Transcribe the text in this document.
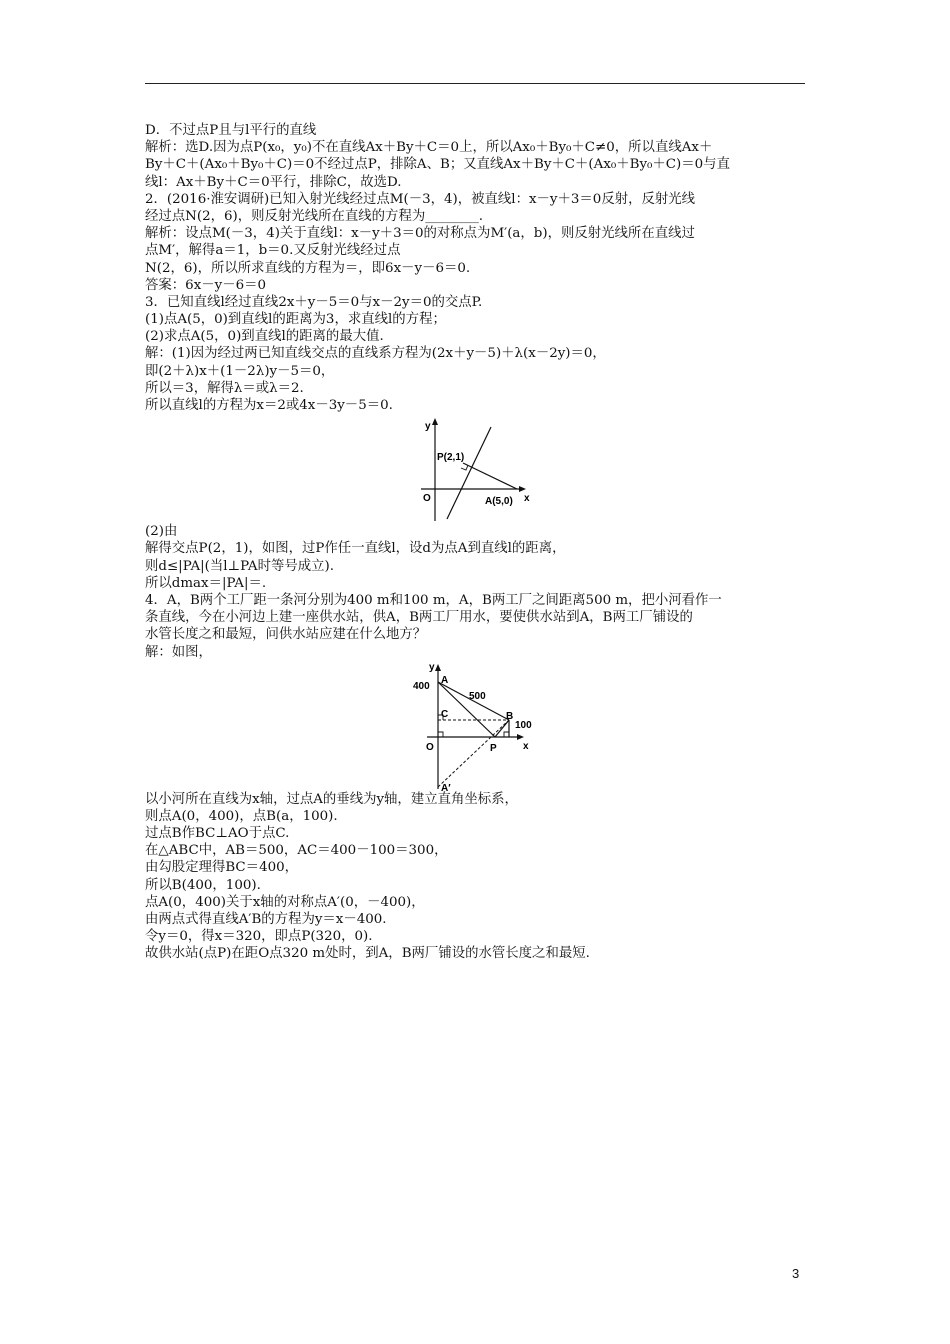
D．不过点P且与l平行的直线
解析：选D.因为点P(x₀，y₀)不在直线Ax＋By＋C＝0上，所以Ax₀＋By₀＋C≠0，所以直线Ax＋
By＋C＋(Ax₀＋By₀＋C)＝0不经过点P，排除A、B；又直线Ax＋By＋C＋(Ax₀＋By₀＋C)＝0与直
线l：Ax＋By＋C＝0平行，排除C，故选D.
2．(2016·淮安调研)已知入射光线经过点M(－3，4)，被直线l：x－y＋3＝0反射，反射光线
经过点N(2，6)，则反射光线所在直线的方程为________.
解析：设点M(－3，4)关于直线l：x－y＋3＝0的对称点为M′(a，b)，则反射光线所在直线过
点M′，解得a＝1，b＝0.又反射光线经过点
N(2，6)，所以所求直线的方程为＝，即6x－y－6＝0.
答案：6x－y－6＝0
3．已知直线l经过直线2x＋y－5＝0与x－2y＝0的交点P.
(1)点A(5，0)到直线l的距离为3，求直线l的方程；
(2)求点A(5，0)到直线l的距离的最大值.
解：(1)因为经过两已知直线交点的直线系方程为(2x＋y－5)＋λ(x－2y)＝0，
即(2＋λ)x＋(1－2λ)y－5＝0，
所以＝3，解得λ＝或λ＝2.
所以直线l的方程为x＝2或4x－3y－5＝0.
y
x
O
P(2,1)
A(5,0)
(2)由
解得交点P(2，1)，如图，过P作任一直线l，设d为点A到直线l的距离，
则d≤|PA|(当l⊥PA时等号成立).
所以dmax＝|PA|＝.
4．A，B两个工厂距一条河分别为400 m和100 m，A，B两工厂之间距离500 m，把小河看作一
条直线，今在小河边上建一座供水站，供A，B两工厂用水，要使供水站到A，B两工厂铺设的
水管长度之和最短，问供水站应建在什么地方？
解：如图，
y
x
O
A
400
500
C	B
100
P
A′
以小河所在直线为x轴，过点A的垂线为y轴，建立直角坐标系，
则点A(0，400)，点B(a，100).
过点B作BC⊥AO于点C.
在△ABC中，AB＝500，AC＝400－100＝300，
由勾股定理得BC＝400，
所以B(400，100).
点A(0，400)关于x轴的对称点A′(0，－400)，
由两点式得直线A′B的方程为y＝x－400.
令y＝0，得x＝320，即点P(320，0).
故供水站(点P)在距O点320 m处时，到A，B两厂铺设的水管长度之和最短.
3
